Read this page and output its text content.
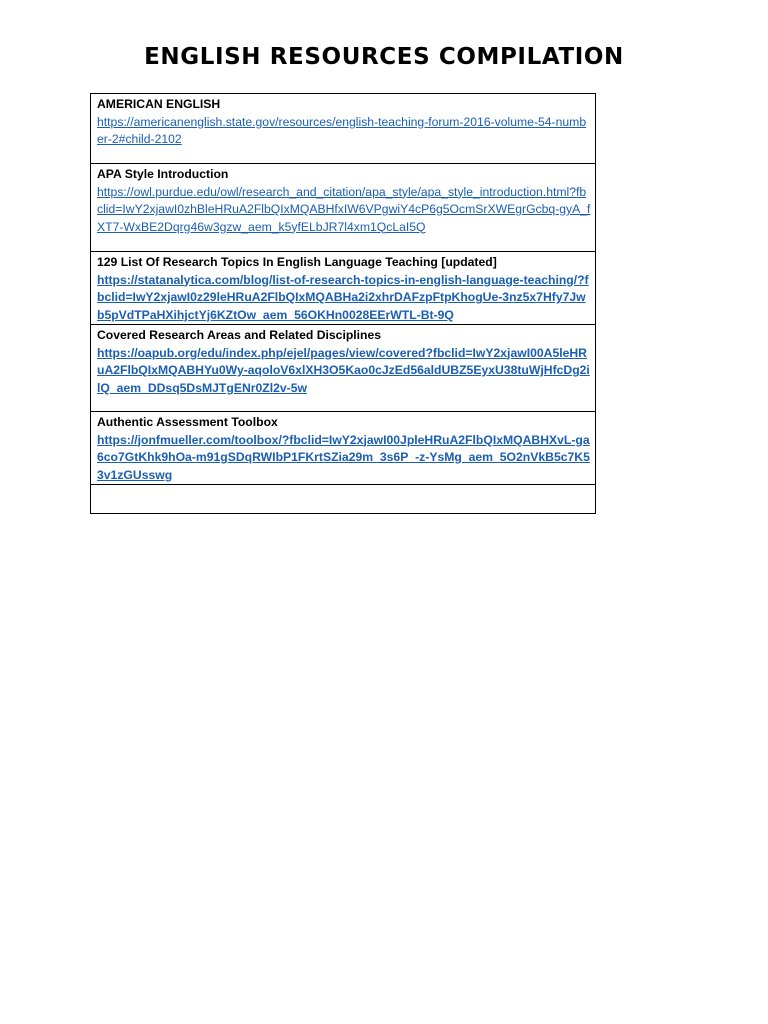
ENGLISH RESOURCES COMPILATION
AMERICAN ENGLISH
https://americanenglish.state.gov/resources/english-teaching-forum-2016-volume-54-number-2#child-2102

APA Style Introduction
https://owl.purdue.edu/owl/research_and_citation/apa_style/apa_style_introduction.html?fbclid=IwY2xjawI0zhBleHRuA2FlbQIxMQABHfxIW6VPgwiY4cP6g5OcmSrXWEgrGcbq-gyA_fXT7-WxBE2Dqrg46w3gzw_aem_k5yfELbJR7l4xm1QcLaI5Q

129 List Of Research Topics In English Language Teaching [updated]
https://statanalytica.com/blog/list-of-research-topics-in-english-language-teaching/?fbclid=IwY2xjawI0z29leHRuA2FlbQIxMQABHa2i2xhrDAFzpFtpKhogUe-3nz5x7Hfy7Jwb5pVdTPaHXihjctYj6KZtOw_aem_56OKHn0028EErWTL-Bt-9Q

Covered Research Areas and Related Disciplines
https://oapub.org/edu/index.php/ejel/pages/view/covered?fbclid=IwY2xjawI00A5leHRuA2FlbQIxMQABHYu0Wy-aqoloV6xlXH3O5Kao0cJzEd56aldUBZ5EyxU38tuWjHfcDg2ilQ_aem_DDsq5DsMJTgENr0Zl2v-5w

Authentic Assessment Toolbox
https://jonfmueller.com/toolbox/?fbclid=IwY2xjawI00JpleHRuA2FlbQIxMQABHXvL-ga6co7GtKhk9hOa-m91gSDqRWIbP1FKrtSZia29m_3s6P_-z-YsMg_aem_5O2nVkB5c7K53v1zGUsswg
